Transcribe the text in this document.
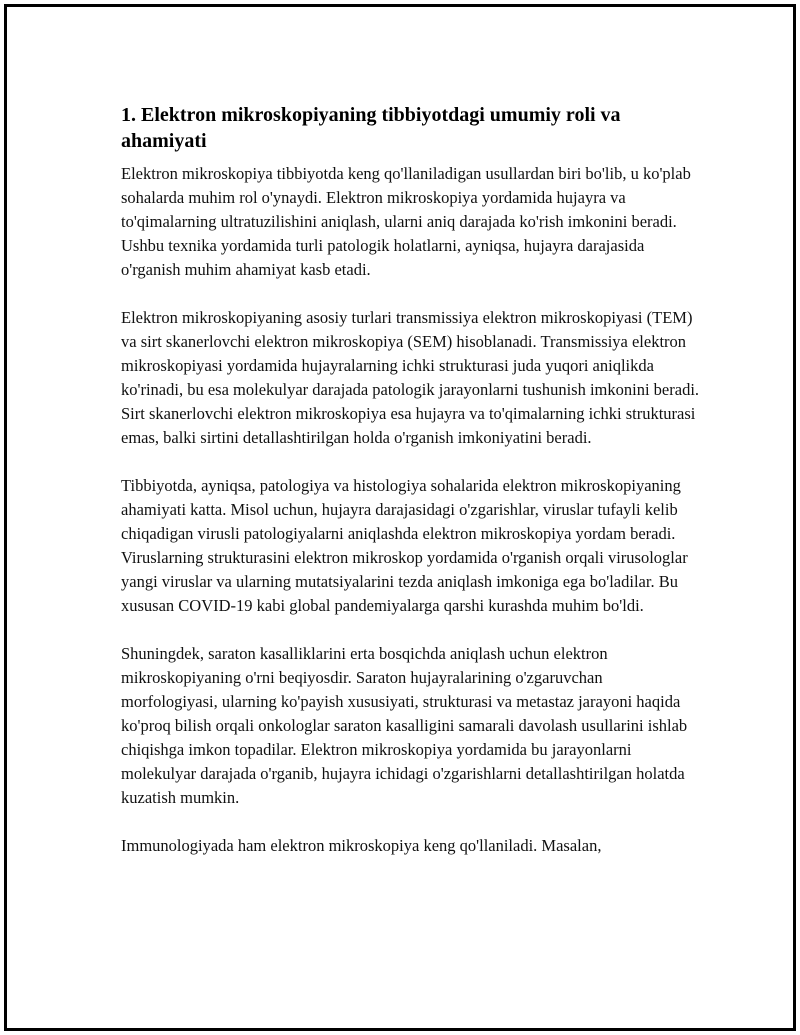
1. Elektron mikroskopiyaning tibbiyotdagi umumiy roli va ahamiyati

Elektron mikroskopiya tibbiyotda keng qo'llaniladigan usullardan biri bo'lib, u ko'plab sohalarda muhim rol o'ynaydi. Elektron mikroskopiya yordamida hujayra va to'qimalarning ultratuzilishini aniqlash, ularni aniq darajada ko'rish imkonini beradi. Ushbu texnika yordamida turli patologik holatlarni, ayniqsa, hujayra darajasida o'rganish muhim ahamiyat kasb etadi.

Elektron mikroskopiyaning asosiy turlari transmissiya elektron mikroskopiyasi (TEM) va sirt skanerlovchi elektron mikroskopiya (SEM) hisoblanadi. Transmissiya elektron mikroskopiyasi yordamida hujayralarning ichki strukturasi juda yuqori aniqlikda ko'rinadi, bu esa molekulyar darajada patologik jarayonlarni tushunish imkonini beradi. Sirt skanerlovchi elektron mikroskopiya esa hujayra va to'qimalarning ichki strukturasi emas, balki sirtini detallashtirilgan holda o'rganish imkoniyatini beradi.

Tibbiyotda, ayniqsa, patologiya va histologiya sohalarida elektron mikroskopiyaning ahamiyati katta. Misol uchun, hujayra darajasidagi o'zgarishlar, viruslar tufayli kelib chiqadigan virusli patologiyalarni aniqlashda elektron mikroskopiya yordam beradi. Viruslarning strukturasini elektron mikroskop yordamida o'rganish orqali virusologlar yangi viruslar va ularning mutatsiyalarini tezda aniqlash imkoniga ega bo'ladilar. Bu xususan COVID-19 kabi global pandemiyalarga qarshi kurashda muhim bo'ldi.

Shuningdek, saraton kasalliklarini erta bosqichda aniqlash uchun elektron mikroskopiyaning o'rni beqiyosdir. Saraton hujayralarining o'zgaruvchan morfologiyasi, ularning ko'payish xususiyati, strukturasi va metastaz jarayoni haqida ko'proq bilish orqali onkologlar saraton kasalligini samarali davolash usullarini ishlab chiqishga imkon topadilar. Elektron mikroskopiya yordamida bu jarayonlarni molekulyar darajada o'rganib, hujayra ichidagi o'zgarishlarni detallashtirilgan holatda kuzatish mumkin.

Immunologiyada ham elektron mikroskopiya keng qo'llaniladi. Masalan,
